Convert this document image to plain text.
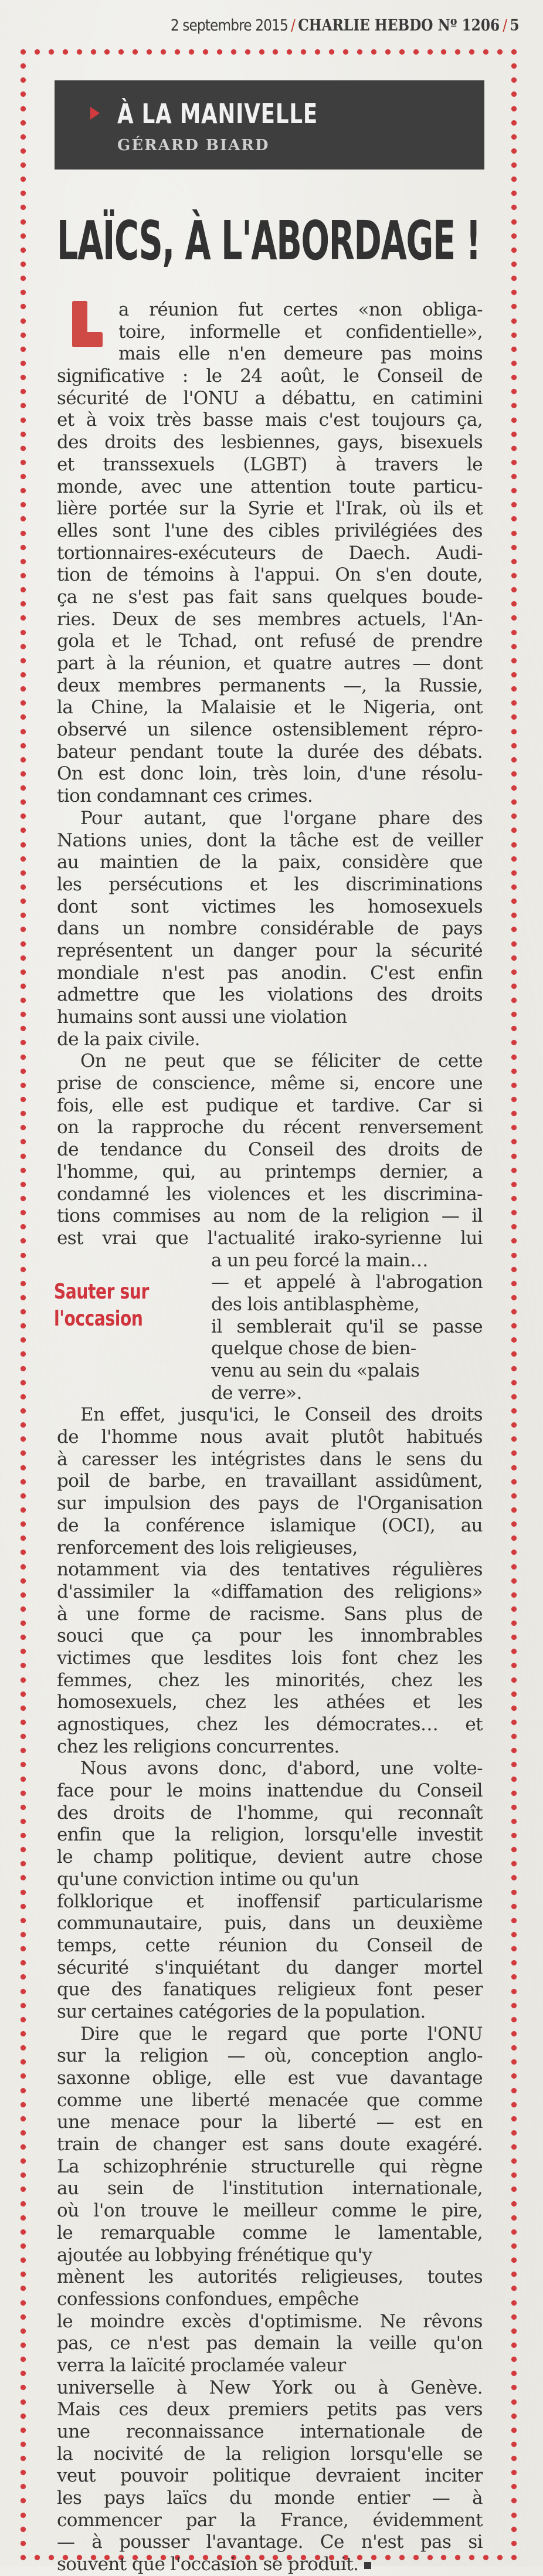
2 septembre 2015 / CHARLIE HEBDO Nº 1206 / 5
À LA MANIVELLE
GÉRARD BIARD
LAÏCS, À L'ABORDAGE !
a réunion fut certes «non obliga-
toire, informelle et confidentielle»,
mais elle n'en demeure pas moins
significative : le 24 août, le Conseil de
sécurité de l'ONU a débattu, en catimini
et à voix très basse mais c'est toujours ça,
des droits des lesbiennes, gays, bisexuels
et transsexuels (LGBT) à travers le
monde, avec une attention toute particu-
lière portée sur la Syrie et l'Irak, où ils et
elles sont l'une des cibles privilégiées des
tortionnaires-exécuteurs de Daech. Audi-
tion de témoins à l'appui. On s'en doute,
ça ne s'est pas fait sans quelques boude-
ries. Deux de ses membres actuels, l'An-
gola et le Tchad, ont refusé de prendre
part à la réunion, et quatre autres — dont
deux membres permanents —, la Russie,
la Chine, la Malaisie et le Nigeria, ont
observé un silence ostensiblement répro-
bateur pendant toute la durée des débats.
On est donc loin, très loin, d'une résolu-
tion condamnant ces crimes.
Pour autant, que l'organe phare des
Nations unies, dont la tâche est de veiller
au maintien de la paix, considère que
les persécutions et les discriminations
dont sont victimes les homosexuels
dans un nombre considérable de pays
représentent un danger pour la sécurité
mondiale n'est pas anodin. C'est enfin
admettre que les violations des droits
humains sont aussi une violation
de la paix civile.
On ne peut que se féliciter de cette
prise de conscience, même si, encore une
fois, elle est pudique et tardive. Car si
on la rapproche du récent renversement
de tendance du Conseil des droits de
l'homme, qui, au printemps dernier, a
condamné les violences et les discrimina-
tions commises au nom de la religion — il
est vrai que l'actualité irako-syrienne lui
a un peu forcé la main…
— et appelé à l'abrogation
des lois antiblasphème,
il semblerait qu'il se passe
quelque chose de bien-
venu au sein du «palais
de verre».
En effet, jusqu'ici, le Conseil des droits
de l'homme nous avait plutôt habitués
à caresser les intégristes dans le sens du
poil de barbe, en travaillant assidûment,
sur impulsion des pays de l'Organisation
de la conférence islamique (OCI), au
renforcement des lois religieuses,
notamment via des tentatives régulières
d'assimiler la «diffamation des religions»
à une forme de racisme. Sans plus de
souci que ça pour les innombrables
victimes que lesdites lois font chez les
femmes, chez les minorités, chez les
homosexuels, chez les athées et les
agnostiques, chez les démocrates… et
chez les religions concurrentes.
Nous avons donc, d'abord, une volte-
face pour le moins inattendue du Conseil
des droits de l'homme, qui reconnaît
enfin que la religion, lorsqu'elle investit
le champ politique, devient autre chose
qu'une conviction intime ou qu'un
folklorique et inoffensif particularisme
communautaire, puis, dans un deuxième
temps, cette réunion du Conseil de
sécurité s'inquiétant du danger mortel
que des fanatiques religieux font peser
sur certaines catégories de la population.
Dire que le regard que porte l'ONU
sur la religion — où, conception anglo-
saxonne oblige, elle est vue davantage
comme une liberté menacée que comme
une menace pour la liberté — est en
train de changer est sans doute exagéré.
La schizophrénie structurelle qui règne
au sein de l'institution internationale,
où l'on trouve le meilleur comme le pire,
le remarquable comme le lamentable,
ajoutée au lobbying frénétique qu'y
mènent les autorités religieuses, toutes
confessions confondues, empêche
le moindre excès d'optimisme. Ne rêvons
pas, ce n'est pas demain la veille qu'on
verra la laïcité proclamée valeur
universelle à New York ou à Genève.
Mais ces deux premiers petits pas vers
une reconnaissance internationale de
la nocivité de la religion lorsqu'elle se
veut pouvoir politique devraient inciter
les pays laïcs du monde entier — à
commencer par la France, évidemment
— à pousser l'avantage. Ce n'est pas si
souvent que l'occasion se produit.
Sauter sur
l'occasion
